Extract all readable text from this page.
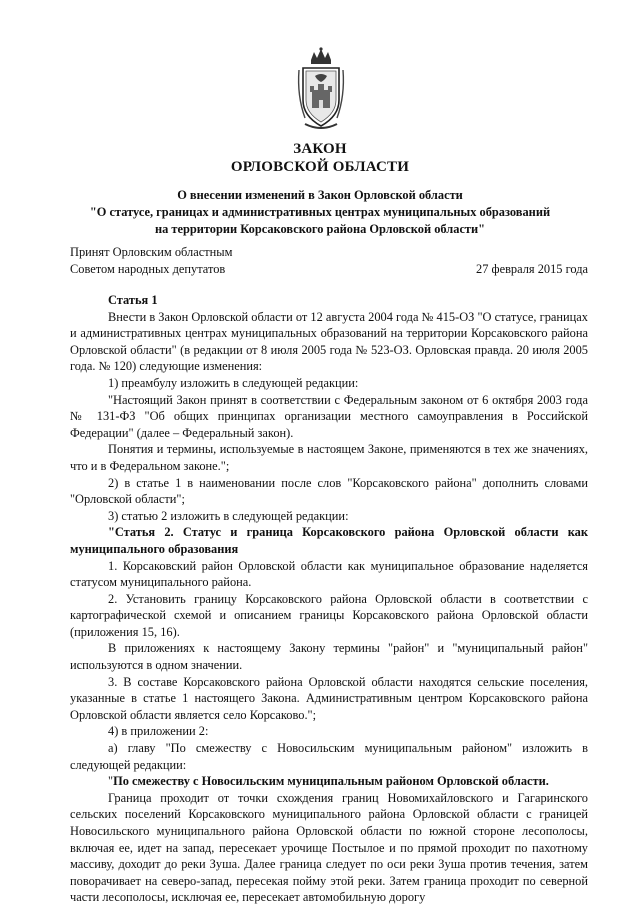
ЗАКОН
ОРЛОВСКОЙ ОБЛАСТИ
О внесении изменений в Закон Орловской области
"О статусе, границах и административных центрах муниципальных образований
на территории Корсаковского района Орловской области"
Принят Орловским областным
Советом народных депутатов	27 февраля 2015 года

Статья 1

Внести в Закон Орловской области от 12 августа 2004 года № 415-ОЗ "О статусе, границах и административных центрах муниципальных образований на территории Корсаковского района Орловской области" (в редакции от 8 июля 2005 года № 523-ОЗ. Орловская правда. 20 июля 2005 года. № 120) следующие изменения:

1) преамбулу изложить в следующей редакции:

"Настоящий Закон принят в соответствии с Федеральным законом от 6 октября 2003 года № 131-ФЗ "Об общих принципах организации местного самоуправления в Российской Федерации" (далее – Федеральный закон).

Понятия и термины, используемые в настоящем Законе, применяются в тех же значениях, что и в Федеральном законе.";

2) в статье 1 в наименовании после слов "Корсаковского района" дополнить словами "Орловской области";

3) статью 2 изложить в следующей редакции:

"Статья 2. Статус и граница Корсаковского района Орловской области как муниципального образования

1. Корсаковский район Орловской области как муниципальное образование наделяется статусом муниципального района.

2. Установить границу Корсаковского района Орловской области в соответствии с картографической схемой и описанием границы Корсаковского района Орловской области (приложения 15, 16).

В приложениях к настоящему Закону термины "район" и "муниципальный район" используются в одном значении.

3. В составе Корсаковского района Орловской области находятся сельские поселения, указанные в статье 1 настоящего Закона. Административным центром Корсаковского района Орловской области является село Корсаково.";

4) в приложении 2:

а) главу "По смежеству с Новосильским муниципальным районом" изложить в следующей редакции:

"По смежеству с Новосильским муниципальным районом Орловской области.

Граница проходит от точки схождения границ Новомихайловского и Гагаринского сельских поселений Корсаковского муниципального района Орловской области с границей Новосильского муниципального района Орловской области по южной стороне лесополосы, включая ее, идет на запад, пересекает урочище Постылое и по прямой проходит по пахотному массиву, доходит до реки Зуша. Далее граница следует по оси реки Зуша против течения, затем поворачивает на северо-запад, пересекая пойму этой реки. Затем граница проходит по северной части лесополосы, исключая ее, пересекает автомобильную дорогу
